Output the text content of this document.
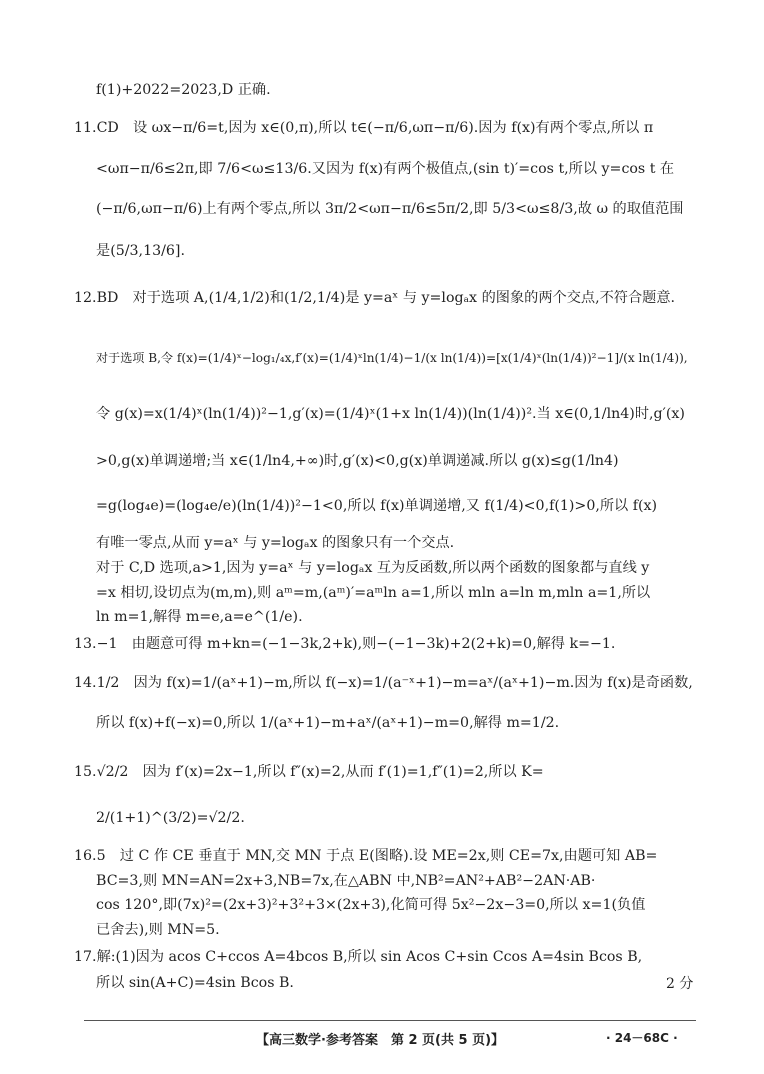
f(1)+2022=2023,D 正确.
11.CD　设 ωx−π/6=t,因为 x∈(0,π),所以 t∈(−π/6,ωπ−π/6).因为 f(x)有两个零点,所以 π
<ωπ−π/6≤2π,即 7/6<ω≤13/6.又因为 f(x)有两个极值点,(sin t)′=cos t,所以 y=cos t 在
(−π/6,ωπ−π/6)上有两个零点,所以 3π/2<ωπ−π/6≤5π/2,即 5/3<ω≤8/3,故 ω 的取值范围
是(5/3,13/6].
12.BD　对于选项 A,(1/4,1/2)和(1/2,1/4)是 y=aˣ 与 y=logₐx 的图象的两个交点,不符合题意.
对于选项 B,令 f(x)=(1/4)ˣ−log₁/₄x,f′(x)=(1/4)ˣln(1/4)−1/(x ln(1/4))=[x(1/4)ˣ(ln(1/4))²−1]/(x ln(1/4)),
令 g(x)=x(1/4)ˣ(ln(1/4))²−1,g′(x)=(1/4)ˣ(1+x ln(1/4))(ln(1/4))².当 x∈(0,1/ln4)时,g′(x)
>0,g(x)单调递增;当 x∈(1/ln4,+∞)时,g′(x)<0,g(x)单调递减.所以 g(x)≤g(1/ln4)
=g(log₄e)=(log₄e/e)(ln(1/4))²−1<0,所以 f(x)单调递增,又 f(1/4)<0,f(1)>0,所以 f(x)
有唯一零点,从而 y=aˣ 与 y=logₐx 的图象只有一个交点.
对于 C,D 选项,a>1,因为 y=aˣ 与 y=logₐx 互为反函数,所以两个函数的图象都与直线 y
=x 相切,设切点为(m,m),则 aᵐ=m,(aᵐ)′=aᵐln a=1,所以 mln a=ln m,mln a=1,所以
ln m=1,解得 m=e,a=e^(1/e).
13.−1　由题意可得 m+kn=(−1−3k,2+k),则−(−1−3k)+2(2+k)=0,解得 k=−1.
14.1/2　因为 f(x)=1/(aˣ+1)−m,所以 f(−x)=1/(a⁻ˣ+1)−m=aˣ/(aˣ+1)−m.因为 f(x)是奇函数,
所以 f(x)+f(−x)=0,所以 1/(aˣ+1)−m+aˣ/(aˣ+1)−m=0,解得 m=1/2.
15.√2/2　因为 f′(x)=2x−1,所以 f″(x)=2,从而 f′(1)=1,f″(1)=2,所以 K=
2/(1+1)^(3/2)=√2/2.
16.5　过 C 作 CE 垂直于 MN,交 MN 于点 E(图略).设 ME=2x,则 CE=7x,由题可知 AB=
BC=3,则 MN=AN=2x+3,NB=7x,在△ABN 中,NB²=AN²+AB²−2AN·AB·
cos 120°,即(7x)²=(2x+3)²+3²+3×(2x+3),化简可得 5x²−2x−3=0,所以 x=1(负值
已舍去),则 MN=5.
17.解:(1)因为 acos C+ccos A=4bcos B,所以 sin Acos C+sin Ccos A=4sin Bcos B,
所以 sin(A+C)=4sin Bcos B.	2 分
【高三数学·参考答案　第 2 页(共 5 页)】	· 24－68C ·
